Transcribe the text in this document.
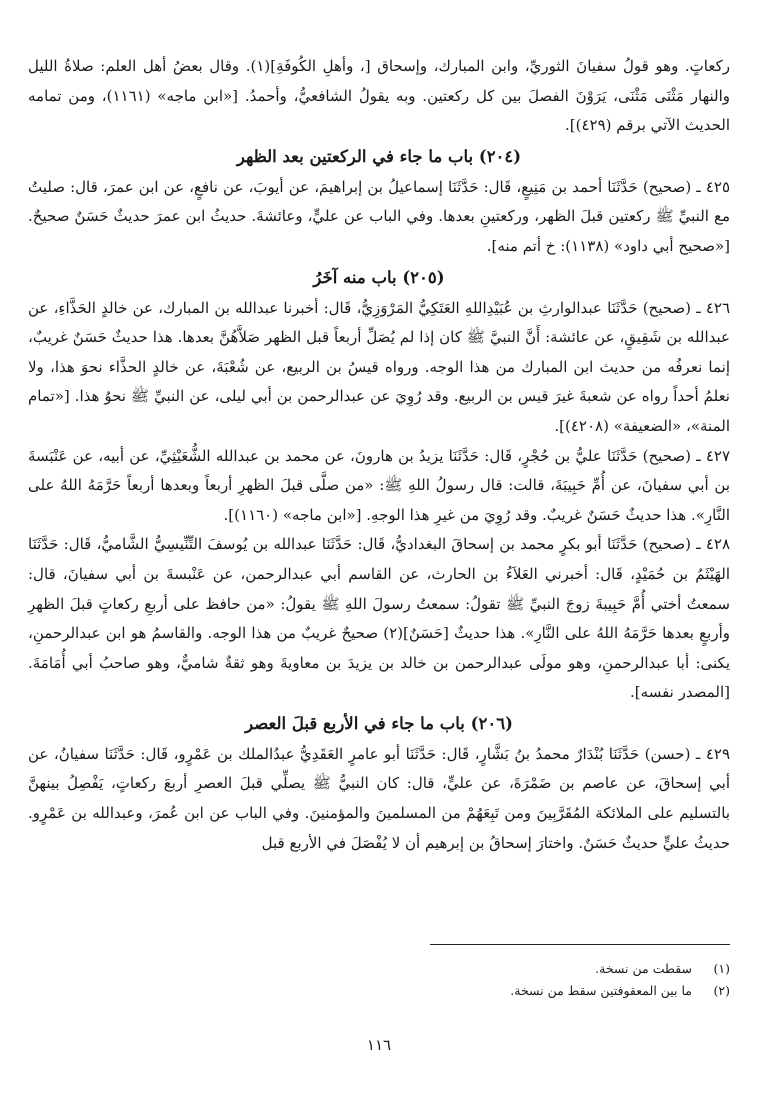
ركعاتٍ. وهو قولُ سفيانَ الثوريِّ، وابن المبارك، وإسحاق [، وأهلِ الكُوفَةِ](١). وقال بعضُ أهل العلم: صلاةُ الليل والنهار مَثْنَى مَثْنَى، يَرَوْنَ الفصلَ بين كل ركعتين. وبه يقولُ الشافعيُّ، وأحمدُ. [«ابن ماجه» (١١٦١)، ومن تمامه الحديث الآتي برقم (٤٢٩)].

(٢٠٤) باب ما جاء في الركعتين بعد الظهر

٤٢٥ ـ (صحيح) حَدَّثَنَا أحمد بن مَنِيعٍ، قَال: حَدَّثَنَا إسماعيلُ بن إبراهيمَ، عن أيوبَ، عن نافعٍ، عن ابن عمرَ، قال: صليتُ مع النبيِّ ﷺ ركعتين قبلَ الظهر، وركعتينِ بعدها. وفي الباب عن عليٍّ، وعائشةَ. حديثُ ابن عمرَ حديثٌ حَسَنٌ صحيحٌ. [«صحيح أبي داود» (١١٣٨): خ أتم منه].

(٢٠٥) باب منه آخَرُ

٤٢٦ ـ (صحيح) حَدَّثَنَا عبدالوارثِ بن عُبَيْدِاللهِ العَتَكِيُّ المَرْوَزِيُّ، قَال: أخبرنا عبدالله بن المبارك، عن خالدٍ الحَذَّاءِ، عن عبدالله بن شَقِيقٍ، عن عائشة: أَنَّ النبيَّ ﷺ كان إذا لم يُصَلِّ أربعاً قبل الظهر صَلاَّهُنَّ بعدها. هذا حديثٌ حَسَنٌ غريبٌ، إنما نعرفُه من حديث ابن المبارك من هذا الوجه. ورواه قيسُ بن الربيع، عن شُعْبَةَ، عن خالدٍ الحذَّاء نحوَ هذا، ولا نعلمُ أحداً رواه عن شعبةَ غيرَ قيس بن الربيع. وقد رُوِيَ عن عبدالرحمن بن أبي ليلى، عن النبيِّ ﷺ نحوُ هذا. [«تمام المنة»، «الضعيفة» (٤٢٠٨)].

٤٢٧ ـ (صحيح) حَدَّثَنَا عليُّ بن حُجْرٍ، قَال: حَدَّثَنَا يزيدُ بن هارونَ، عن محمد بن عبدالله الشُّعَيْثِيِّ، عن أبيه، عن عَنْبَسةَ بن أبي سفيانَ، عن أُمِّ حَبِيبَةَ، قالت: قال رسولُ اللهِ ﷺ: «من صلَّى قبلَ الظهرِ أربعاً وبعدها أربعاً حَرَّمَهُ اللهُ على النَّارِ». هذا حديثٌ حَسَنٌ غريبٌ. وقد رُوِيَ من غيرِ هذا الوجهِ. [«ابن ماجه» (١١٦٠)].

٤٢٨ ـ (صحيح) حَدَّثَنَا أبو بكرٍ محمد بن إسحاقَ البغداديُّ، قَال: حَدَّثَنَا عبدالله بن يُوسفَ التِّنِّيسِيُّ الشَّاميُّ، قَال: حَدَّثَنَا الهَيْثَمُ بن حُمَيْدٍ، قَال: أخبرني العَلاَءُ بن الحارث، عن القاسم أبي عبدالرحمن، عن عَنْبسةَ بن أبي سفيانَ، قال: سمعتُ أختي أُمَّ حَبِيبةَ زوجَ النبيِّ ﷺ تقولُ: سمعتُ رسولَ اللهِ ﷺ يقولُ: «من حافظ على أربعِ ركعاتٍ قبلَ الظهرِ وأربعٍ بعدها حَرَّمَهُ اللهُ على النَّارِ». هذا حديثٌ [حَسَنٌ](٢) صحيحٌ غريبٌ من هذا الوجه. والقاسمُ هو ابن عبدالرحمنِ، يكنى: أبا عبدالرحمنِ، وهو مولَى عبدالرحمن بن خالد بن يزيدَ بن معاويةَ وهو ثقةٌ شاميٌّ، وهو صاحبُ أبي أُمَامَةَ. [المصدر نفسه].

(٢٠٦) باب ما جاء في الأربع قبلَ العصر

٤٢٩ ـ (حسن) حَدَّثَنَا بُنْدَارٌ محمدُ بنُ بَشَّارٍ، قَال: حَدَّثَنَا أبو عامرٍ العَقَدِيُّ عبدُالملك بن عَمْرٍو، قَال: حَدَّثَنَا سفيانُ، عن أبي إسحاقَ، عن عاصم بن ضَمْرَةَ، عن عليٍّ، قال: كان النبيُّ ﷺ يصلِّي قبلَ العصرِ أربعَ ركعاتٍ، يَفْصِلُ بينهنَّ بالتسليم على الملائكة المُقَرَّبِينَ ومن تَبِعَهُمْ من المسلمينَ والمؤمنينَ. وفي الباب عن ابن عُمرَ، وعبدالله بن عَمْرٍو. حديثُ عليٍّ حديثٌ حَسَنٌ. واختارَ إسحاقُ بن إبرهيم أن لا يُفْصَلَ في الأربع قبل

(١) سقطت من نسخة.
(٢) ما بين المعقوفتين سقط من نسخة.
١١٦
